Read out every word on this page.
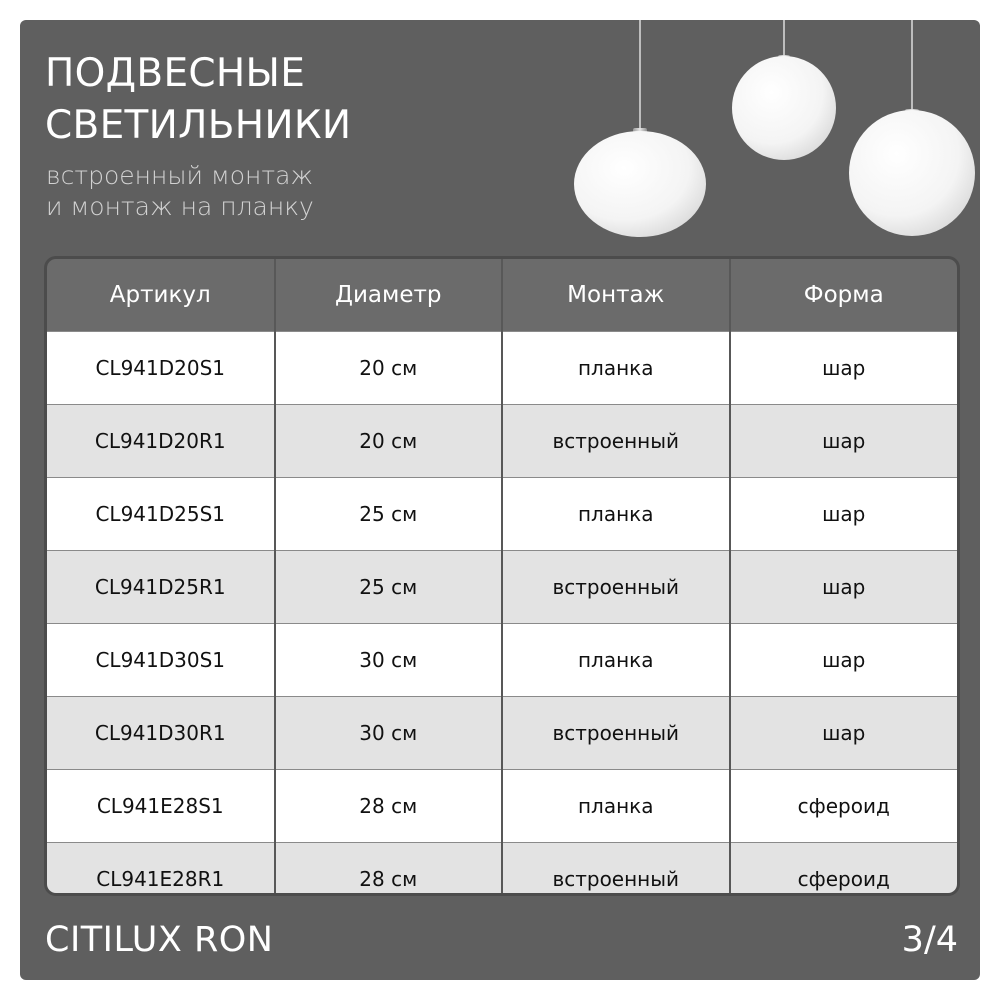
ПОДВЕСНЫЕ
СВЕТИЛЬНИКИ

встроенный монтаж
и монтаж на планку

Артикул	Диаметр	Монтаж	Форма
CL941D20S1	20 см	планка	шар
CL941D20R1	20 см	встроенный	шар
CL941D25S1	25 см	планка	шар
CL941D25R1	25 см	встроенный	шар
CL941D30S1	30 см	планка	шар
CL941D30R1	30 см	встроенный	шар
CL941E28S1	28 см	планка	сфероид
CL941E28R1	28 см	встроенный	сфероид

CITILUX RON	3/4
